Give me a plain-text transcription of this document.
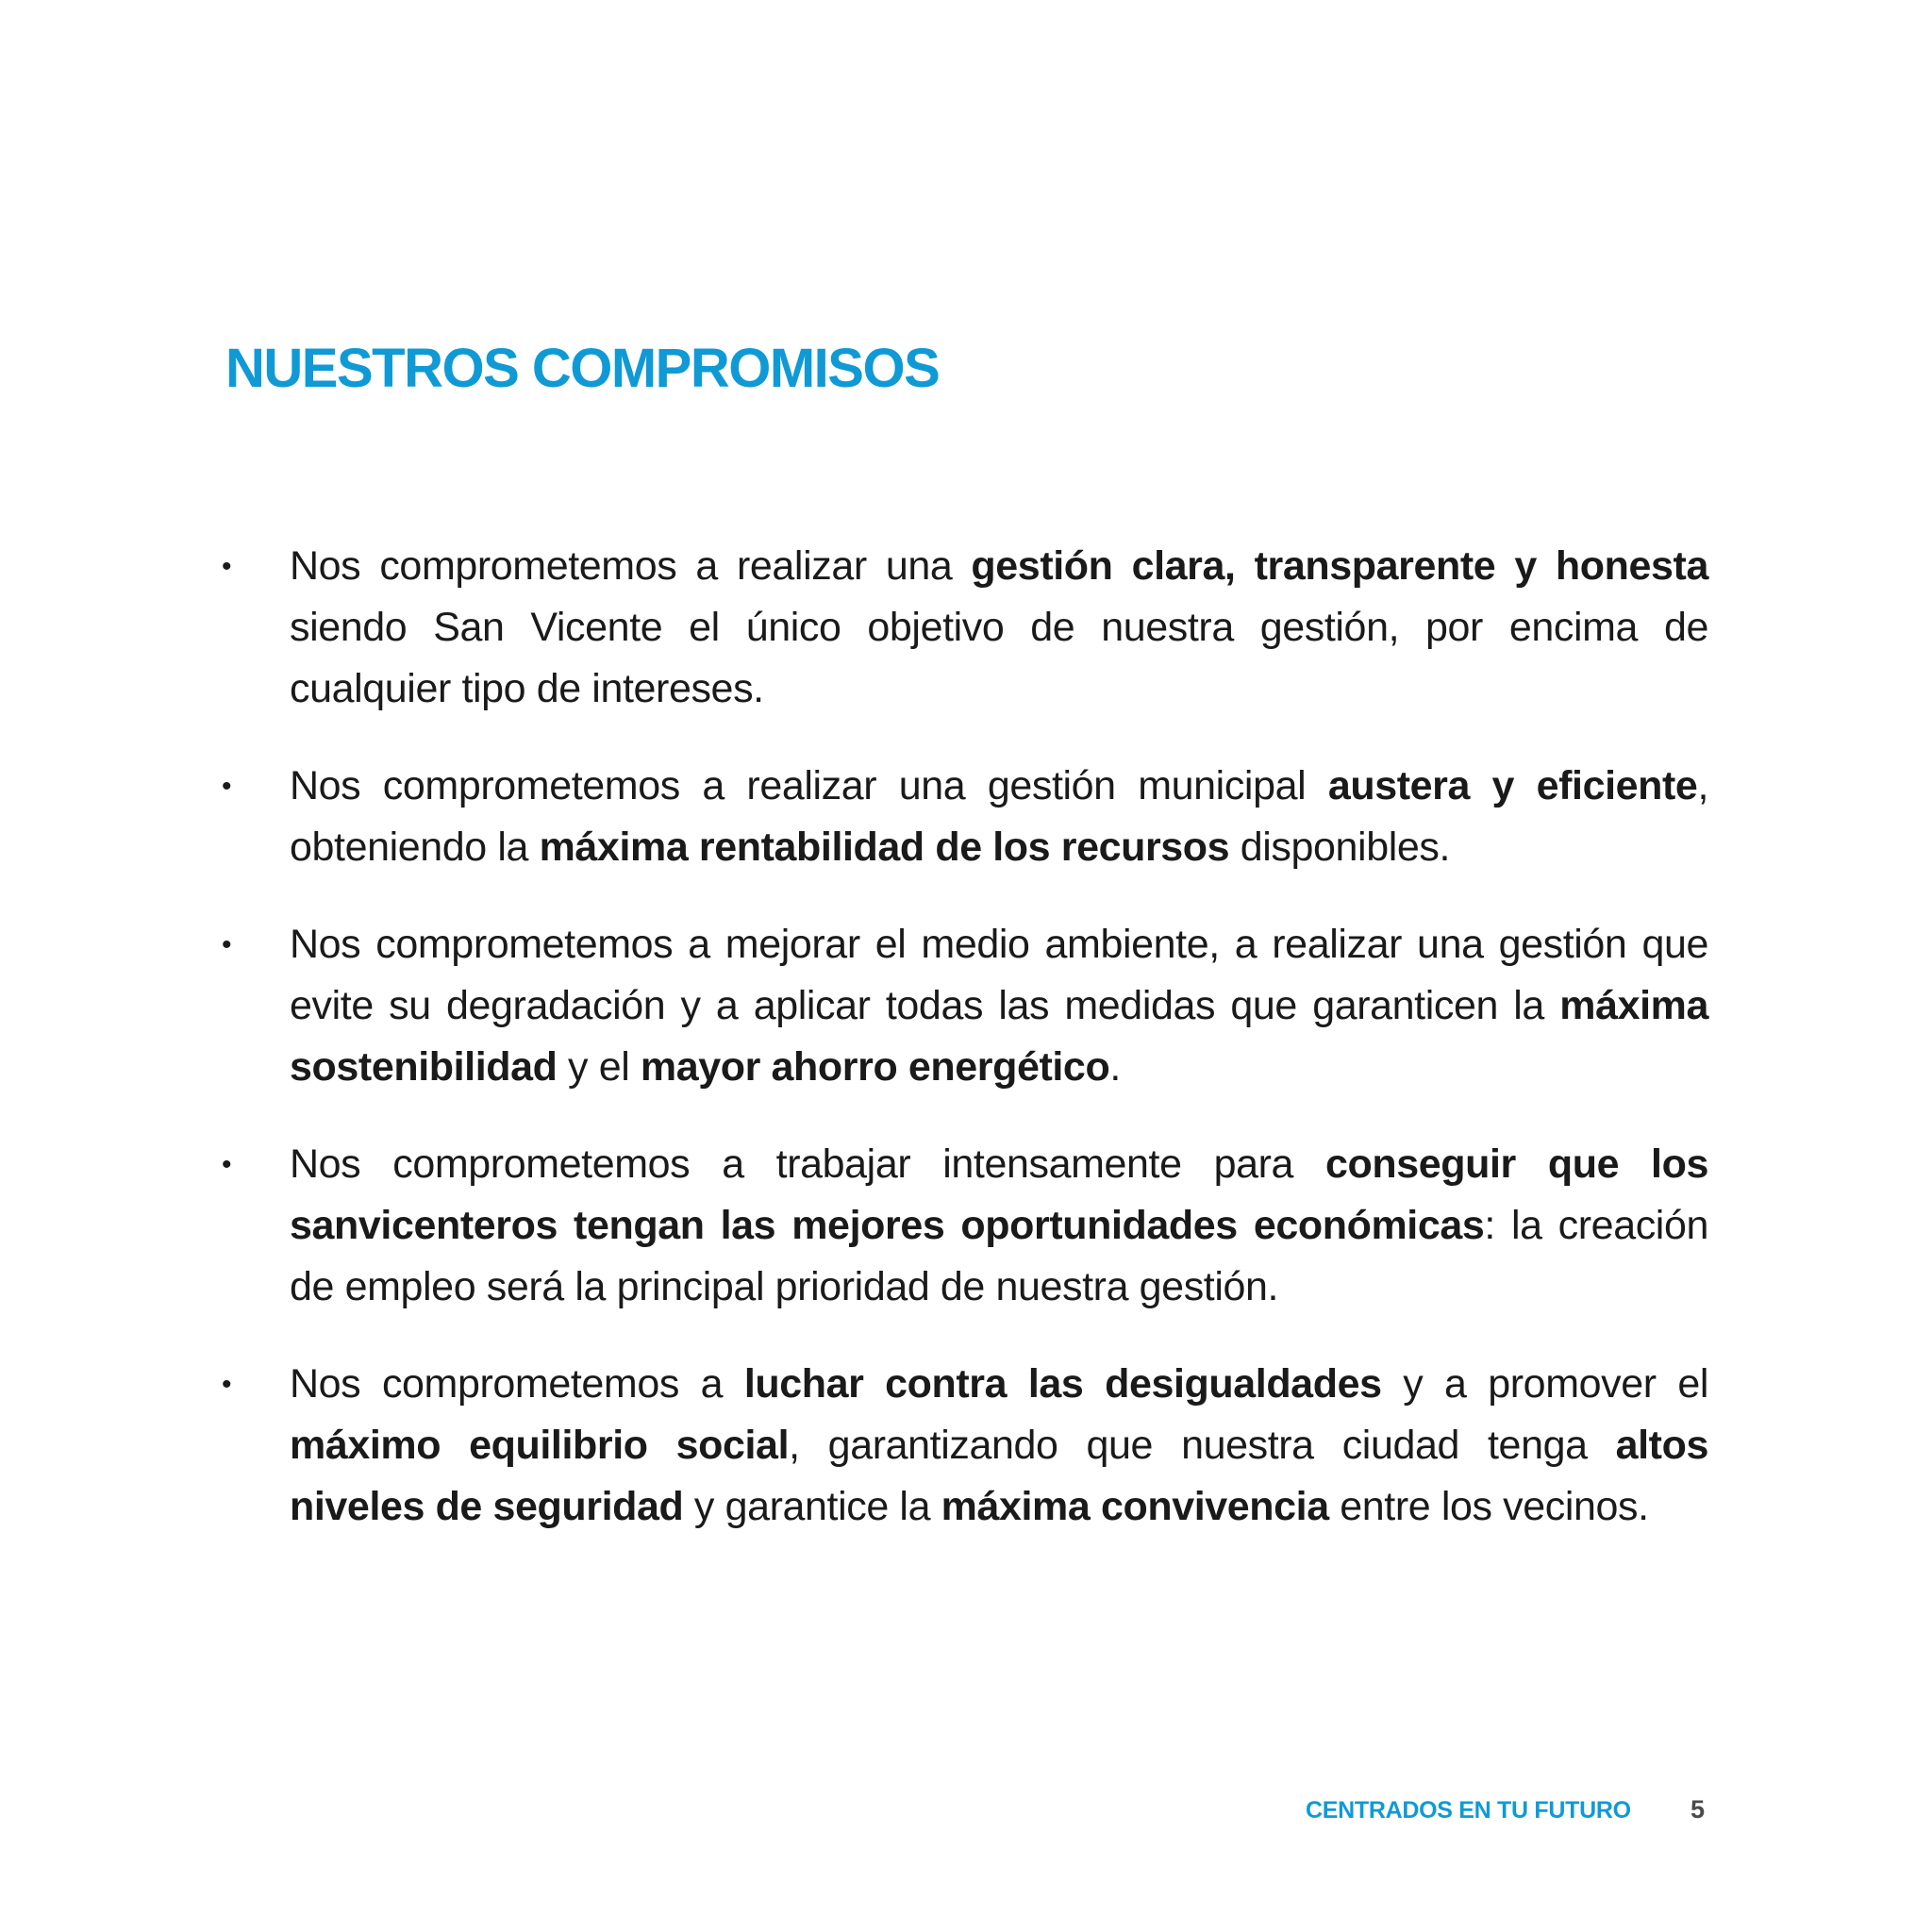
NUESTROS COMPROMISOS
•	Nos comprometemos a realizar una gestión clara, transparente y honesta siendo San Vicente el único objetivo de nuestra gestión, por encima de cualquier tipo de intereses.
•	Nos comprometemos a realizar una gestión municipal austera y eficiente, obteniendo la máxima rentabilidad de los recursos disponibles.
•	Nos comprometemos a mejorar el medio ambiente, a realizar una gestión que evite su degradación y a aplicar todas las medidas que garanticen la máxima sostenibilidad y el mayor ahorro energético.
•	Nos comprometemos a trabajar intensamente para conseguir que los sanvicenteros tengan las mejores oportunidades económicas: la creación de empleo será la principal prioridad de nuestra gestión.
•	Nos comprometemos a luchar contra las desigualdades y a promover el máximo equilibrio social, garantizando que nuestra ciudad tenga altos niveles de seguridad y garantice la máxima convivencia entre los vecinos.
CENTRADOS EN TU FUTURO 5
